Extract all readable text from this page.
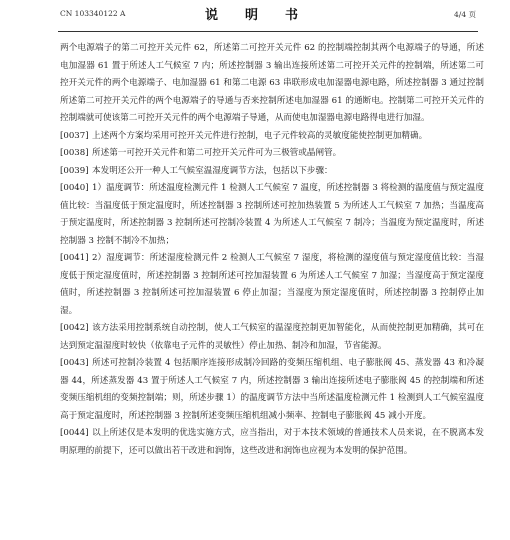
CN 103340122 A	说　明　书	4/4 页

两个电源端子的第二可控开关元件 62，所述第二可控开关元件 62 的控制端控制其两个电源端子的导通，所述电加湿器 61 置于所述人工气候室 7 内；所述控制器 3 输出连接所述第二可控开关元件的控制端，所述第二可控开关元件的两个电源端子、电加湿器 61 和第二电源 63 串联形成电加湿器电源电路，所述控制器 3 通过控制所述第二可控开关元件的两个电源端子的导通与否来控制所述电加湿器 61 的通断电。控制第二可控开关元件的控制端就可使该第二可控开关元件的两个电源端子导通，从而使电加湿器电源电路得电进行加湿。

[0037] 上述两个方案均采用可控开关元件进行控制，电子元件较高的灵敏度能使控制更加精确。

[0038] 所述第一可控开关元件和第二可控开关元件可为三极管或晶闸管。

[0039] 本发明还公开一种人工气候室温湿度调节方法，包括以下步骤：

[0040] 1）温度调节：所述温度检测元件 1 检测人工气候室 7 温度，所述控制器 3 将检测的温度值与预定温度值比较：当温度低于预定温度时，所述控制器 3 控制所述可控加热装置 5 为所述人工气候室 7 加热；当温度高于预定温度时，所述控制器 3 控制所述可控制冷装置 4 为所述人工气候室 7 制冷；当温度为预定温度时，所述控制器 3 控制不制冷不加热；

[0041] 2）湿度调节：所述湿度检测元件 2 检测人工气候室 7 湿度，将检测的湿度值与预定湿度值比较：当湿度低于预定湿度值时，所述控制器 3 控制所述可控加湿装置 6 为所述人工气候室 7 加湿；当湿度高于预定湿度值时，所述控制器 3 控制所述可控加湿装置 6 停止加湿；当湿度为预定湿度值时，所述控制器 3 控制停止加湿。

[0042] 该方法采用控制系统自动控制，使人工气候室的温湿度控制更加智能化，从而使控制更加精确，其可在达到预定温湿度时较快（依靠电子元件的灵敏性）停止加热、制冷和加湿，节省能源。

[0043] 所述可控制冷装置 4 包括顺序连接形成制冷回路的变频压缩机组、电子膨胀阀 45、蒸发器 43 和冷凝器 44，所述蒸发器 43 置于所述人工气候室 7 内，所述控制器 3 输出连接所述电子膨胀阀 45 的控制端和所述变频压缩机组的变频控制端；则，所述步骤 1）的温度调节方法中当所述温度检测元件 1 检测到人工气候室温度高于预定温度时，所述控制器 3 控制所述变频压缩机组减小频率、控制电子膨胀阀 45 减小开度。

[0044] 以上所述仅是本发明的优选实施方式，应当指出，对于本技术领域的普通技术人员来说，在不脱离本发明原理的前提下，还可以做出若干改进和润饰，这些改进和润饰也应视为本发明的保护范围。
